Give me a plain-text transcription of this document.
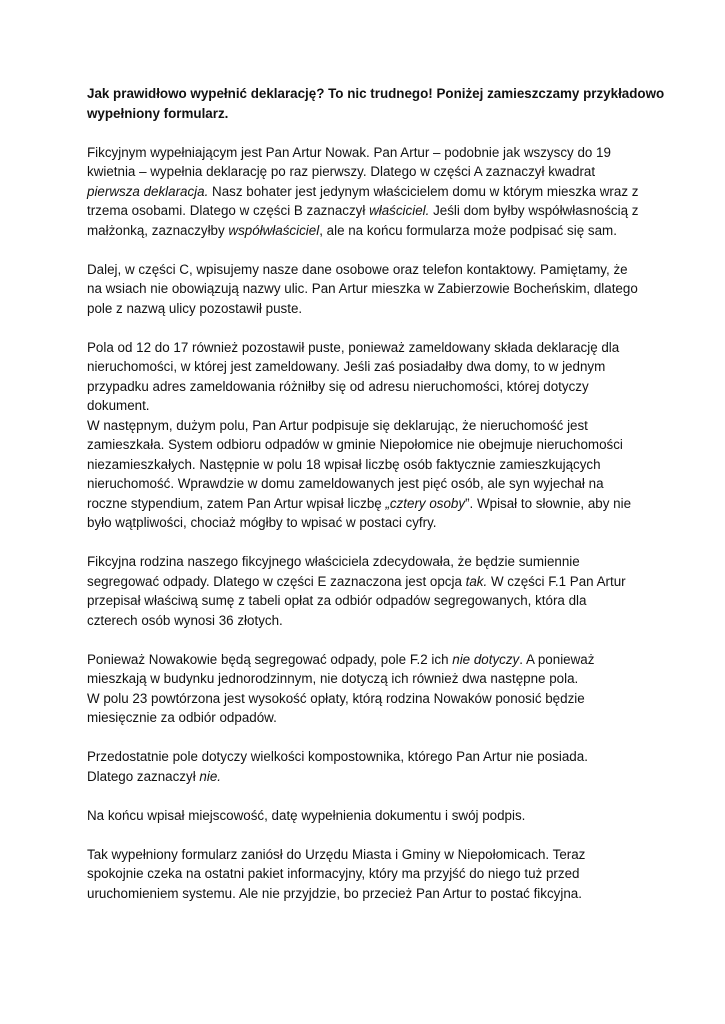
Jak prawidłowo wypełnić deklarację? To nic trudnego! Poniżej zamieszczamy przykładowo
wypełniony formularz.
Fikcyjnym wypełniającym jest Pan Artur Nowak. Pan Artur – podobnie jak wszyscy do 19
kwietnia – wypełnia deklarację po raz pierwszy. Dlatego w części A zaznaczył kwadrat
pierwsza deklaracja. Nasz bohater jest jedynym właścicielem domu w którym mieszka wraz z
trzema osobami. Dlatego w części B zaznaczył właściciel. Jeśli dom byłby współwłasnością z
małżonką, zaznaczyłby współwłaściciel, ale na końcu formularza może podpisać się sam.
Dalej, w części C, wpisujemy nasze dane osobowe oraz telefon kontaktowy. Pamiętamy, że
na wsiach nie obowiązują nazwy ulic. Pan Artur mieszka w Zabierzowie Bocheńskim, dlatego
pole z nazwą ulicy pozostawił puste.
Pola od 12 do 17 również pozostawił puste, ponieważ zameldowany składa deklarację dla
nieruchomości, w której jest zameldowany. Jeśli zaś posiadałby dwa domy, to w jednym
przypadku adres zameldowania różniłby się od adresu nieruchomości, której dotyczy
dokument.
W następnym, dużym polu, Pan Artur podpisuje się deklarując, że nieruchomość jest
zamieszkała. System odbioru odpadów w gminie Niepołomice nie obejmuje nieruchomości
niezamieszkałych. Następnie w polu 18 wpisał liczbę osób faktycznie zamieszkujących
nieruchomość. Wprawdzie w domu zameldowanych jest pięć osób, ale syn wyjechał na
roczne stypendium, zatem Pan Artur wpisał liczbę „cztery osoby”. Wpisał to słownie, aby nie
było wątpliwości, chociaż mógłby to wpisać w postaci cyfry.
Fikcyjna rodzina naszego fikcyjnego właściciela zdecydowała, że będzie sumiennie
segregować odpady. Dlatego w części E zaznaczona jest opcja tak. W części F.1 Pan Artur
przepisał właściwą sumę z tabeli opłat za odbiór odpadów segregowanych, która dla
czterech osób wynosi 36 złotych.
Ponieważ Nowakowie będą segregować odpady, pole F.2 ich nie dotyczy. A ponieważ
mieszkają w budynku jednorodzinnym, nie dotyczą ich również dwa następne pola.
W polu 23 powtórzona jest wysokość opłaty, którą rodzina Nowaków ponosić będzie
miesięcznie za odbiór odpadów.
Przedostatnie pole dotyczy wielkości kompostownika, którego Pan Artur nie posiada.
Dlatego zaznaczył nie.
Na końcu wpisał miejscowość, datę wypełnienia dokumentu i swój podpis.
Tak wypełniony formularz zaniósł do Urzędu Miasta i Gminy w Niepołomicach. Teraz
spokojnie czeka na ostatni pakiet informacyjny, który ma przyjść do niego tuż przed
uruchomieniem systemu. Ale nie przyjdzie, bo przecież Pan Artur to postać fikcyjna.
